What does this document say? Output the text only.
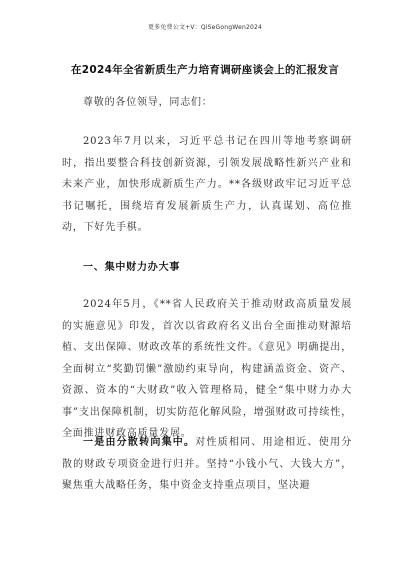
更多免费公文+V：QiSeGongWen2024
在2024年全省新质生产力培育调研座谈会上的汇报发言
尊敬的各位领导，同志们：
2023年7月以来，习近平总书记在四川等地考察调研时，指出要整合科技创新资源，引领发展战略性新兴产业和未来产业，加快形成新质生产力。**各级财政牢记习近平总书记嘱托，围绕培育发展新质生产力，认真谋划、高位推动，下好先手棋。
一、集中财力办大事
2024年5月，《**省人民政府关于推动财政高质量发展的实施意见》印发，首次以省政府名义出台全面推动财源培植、支出保障、财政改革的系统性文件。《意见》明确提出，全面树立“奖勤罚懒”激励约束导向，构建涵盖资金、资产、资源、资本的“大财政”收入管理格局，健全“集中财力办大事”支出保障机制，切实防范化解风险，增强财政可持续性，全面推进财政高质量发展。
一是由分散转向集中。对性质相同、用途相近、使用分散的财政专项资金进行归并。坚持“小钱小气、大钱大方”，聚焦重大战略任务，集中资金支持重点项目，坚决避
